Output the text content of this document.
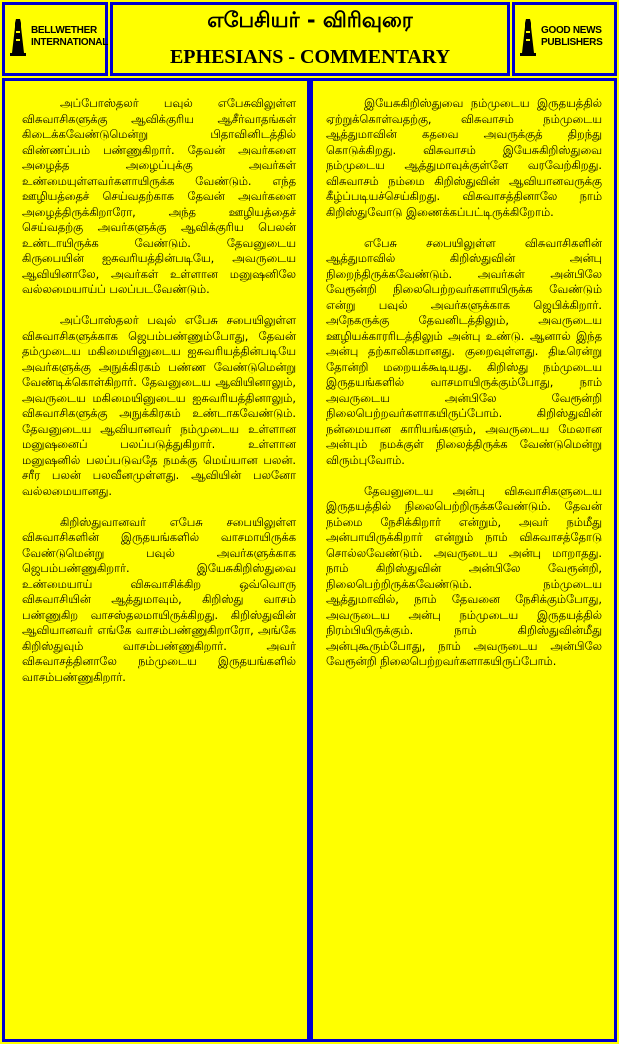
BELLWETHER
INTERNATIONAL
எபேசியர் - விரிவுரை
EPHESIANS - COMMENTARY
GOOD NEWS
PUBLISHERS

அப்போஸ்தலர் பவுல் எபேசுவிலுள்ள விசுவாசிகளுக்கு ஆவிக்குரிய ஆசீர்வாதங்கள் கிடைக்கவேண்டுமென்று பிதாவினிடத்தில் விண்ணப்பம் பண்ணுகிறார். தேவன் அவர்களை அழைத்த அழைப்புக்கு அவர்கள் உண்மையுள்ளவர்களாயிருக்க வேண்டும். எந்த ஊழியத்தைச் செய்வதற்காக தேவன் அவர்களை அழைத்திருக்கிறாரோ, அந்த ஊழியத்தைச் செய்வதற்கு அவர்களுக்கு ஆவிக்குரிய பெலன் உண்டாயிருக்க வேண்டும். தேவனுடைய கிருபையின் ஐசுவரியத்தின்படியே, அவருடைய ஆவியினாலே, அவர்கள் உள்ளான மனுஷனிலே வல்லமையாய்ப் பலப்படவேண்டும்.

அப்போஸ்தலர் பவுல் எபேசு சபையிலுள்ள விசுவாசிகளுக்காக ஜெபம்பண்ணும்போது, தேவன் தம்முடைய மகிமையினுடைய ஐசுவரியத்தின்படியே அவர்களுக்கு அநுக்கிரகம் பண்ண வேண்டுமென்று வேண்டிக்கொள்கிறார். தேவனுடைய ஆவியினாலும், அவருடைய மகிமையினுடைய ஐசுவரியத்தினாலும், விசுவாசிகளுக்கு அநுக்கிரகம் உண்டாகவேண்டும். தேவனுடைய ஆவியானவர் நம்முடைய உள்ளான மனுஷனைப் பலப்படுத்துகிறார். உள்ளான மனுஷனில் பலப்படுவதே நமக்கு மெய்யான பலன். சரீர பலன் பலவீனமுள்ளது. ஆவியின் பலனோ வல்லமையானது.

கிறிஸ்துவானவர் எபேசு சபையிலுள்ள விசுவாசிகளின் இருதயங்களில் வாசமாயிருக்க வேண்டுமென்று பவுல் அவர்களுக்காக ஜெபம்பண்ணுகிறார். இயேசுகிறிஸ்துவை உண்மையாய் விசுவாசிக்கிற ஒவ்வொரு விசுவாசியின் ஆத்துமாவும், கிறிஸ்து வாசம் பண்ணுகிற வாசஸ்தலமாயிருக்கிறது. கிறிஸ்துவின் ஆவியானவர் எங்கே வாசம்பண்ணுகிறாரோ, அங்கே கிறிஸ்துவும் வாசம்பண்ணுகிறார். அவர் விசுவாசத்தினாலே நம்முடைய இருதயங்களில் வாசம்பண்ணுகிறார்.

இயேசுகிறிஸ்துவை நம்முடைய இருதயத்தில் ஏற்றுக்கொள்வதற்கு, விசுவாசம் நம்முடைய ஆத்துமாவின் கதவை அவருக்குத் திறந்து கொடுக்கிறது. விசுவாசம் இயேசுகிறிஸ்துவை நம்முடைய ஆத்துமாவுக்குள்ளே வரவேற்கிறது. விசுவாசம் நம்மை கிறிஸ்துவின் ஆவியானவருக்கு கீழ்ப்படியச்செய்கிறது. விசுவாசத்தினாலே நாம் கிறிஸ்துவோடு இணைக்கப்பட்டிருக்கிறோம்.

எபேசு சபையிலுள்ள விசுவாசிகளின் ஆத்துமாவில் கிறிஸ்துவின் அன்பு நிறைந்திருக்கவேண்டும். அவர்கள் அன்பிலே வேரூன்றி நிலைபெற்றவர்களாயிருக்க வேண்டும் என்று பவுல் அவர்களுக்காக ஜெபிக்கிறார். அநேகருக்கு தேவனிடத்திலும், அவருடைய ஊழியக்காரரிடத்திலும் அன்பு உண்டு. ஆனால் இந்த அன்பு தற்காலிகமானது. குறைவுள்ளது. திடீரென்று தோன்றி மறையக்கூடியது. கிறிஸ்து நம்முடைய இருதயங்களில் வாசமாயிருக்கும்போது, நாம் அவருடைய அன்பிலே வேரூன்றி நிலைபெற்றவர்களாகயிருப்போம். கிறிஸ்துவின் நன்மையான காரியங்களும், அவருடைய மேலான அன்பும் நமக்குள் நிலைத்திருக்க வேண்டுமென்று விரும்புவோம்.

தேவனுடைய அன்பு விசுவாசிகளுடைய இருதயத்தில் நிலைபெற்றிருக்கவேண்டும். தேவன் நம்மை நேசிக்கிறார் என்றும், அவர் நம்மீது அன்பாயிருக்கிறார் என்றும் நாம் விசுவாசத்தோடு சொல்லவேண்டும். அவருடைய அன்பு மாறாதது. நாம் கிறிஸ்துவின் அன்பிலே வேரூன்றி, நிலைபெற்றிருக்கவேண்டும். நம்முடைய ஆத்துமாவில், நாம் தேவனை நேசிக்கும்போது, அவருடைய அன்பு நம்முடைய இருதயத்தில் நிரம்பியிருக்கும். நாம் கிறிஸ்துவின்மீது அன்புகூரும்போது, நாம் அவருடைய அன்பிலே வேரூன்றி நிலைபெற்றவர்களாகயிருப்போம்.
